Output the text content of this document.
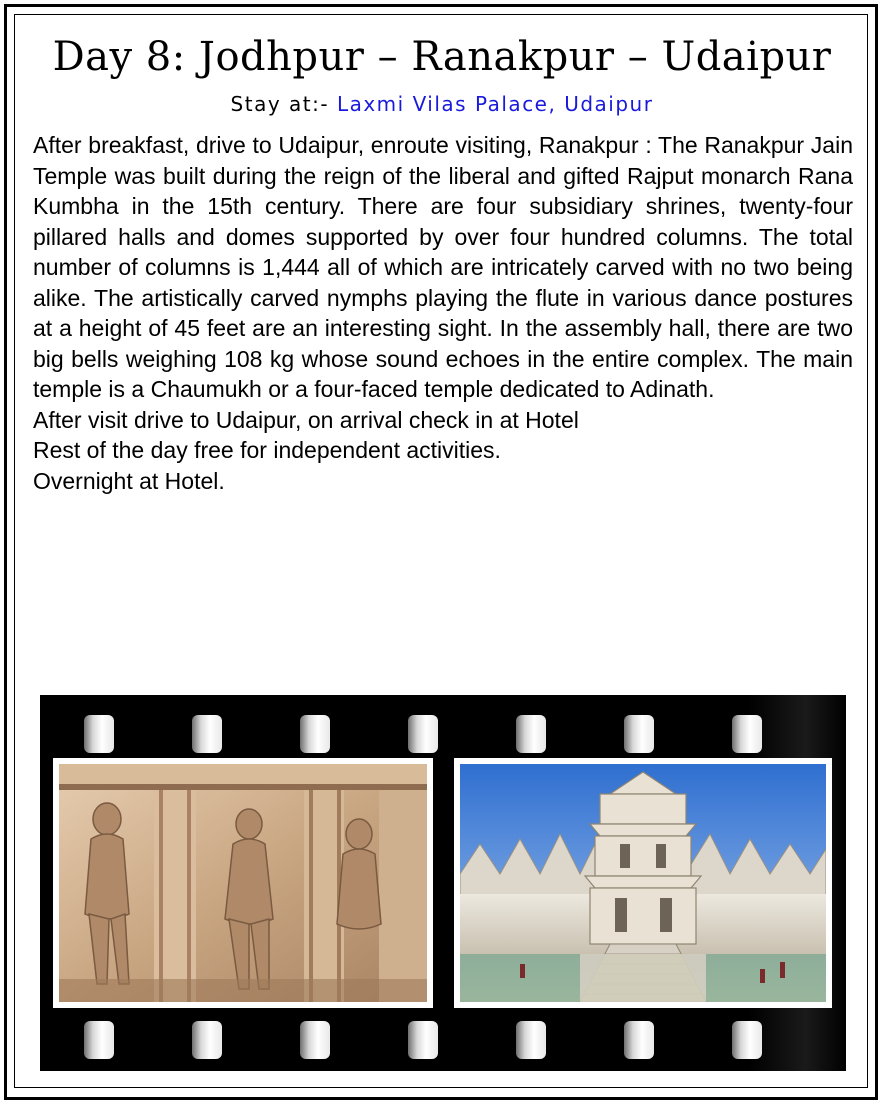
Day 8: Jodhpur – Ranakpur – Udaipur
Stay at:- Laxmi Vilas Palace, Udaipur

After breakfast, drive to Udaipur, enroute visiting, Ranakpur : The Ranakpur Jain Temple was built during the reign of the liberal and gifted Rajput monarch Rana Kumbha in the 15th century. There are four subsidiary shrines, twenty-four pillared halls and domes supported by over four hundred columns. The total number of columns is 1,444 all of which are intricately carved with no two being alike. The artistically carved nymphs playing the flute in various dance postures at a height of 45 feet are an interesting sight. In the assembly hall, there are two big bells weighing 108 kg whose sound echoes in the entire complex. The main temple is a Chaumukh or a four-faced temple dedicated to Adinath.

After visit drive to Udaipur, on arrival check in at Hotel

Rest of the day free for independent activities.

Overnight at Hotel.
